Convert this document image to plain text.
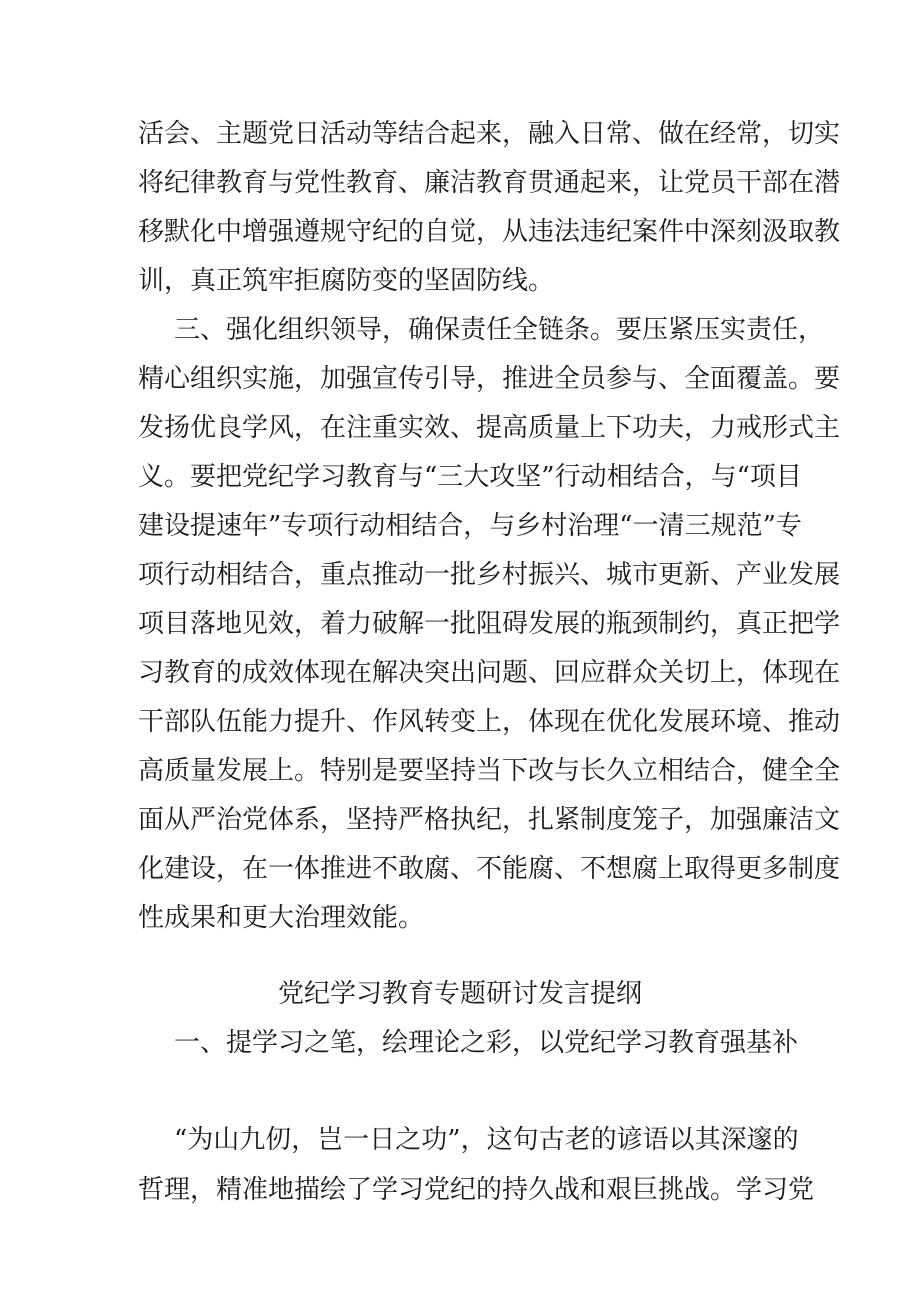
活会、主题党日活动等结合起来，融入日常、做在经常，切实
将纪律教育与党性教育、廉洁教育贯通起来，让党员干部在潜
移默化中增强遵规守纪的自觉，从违法违纪案件中深刻汲取教
训，真正筑牢拒腐防变的坚固防线。
三、强化组织领导，确保责任全链条。要压紧压实责任，
精心组织实施，加强宣传引导，推进全员参与、全面覆盖。要
发扬优良学风，在注重实效、提高质量上下功夫，力戒形式主
义。要把党纪学习教育与“三大攻坚”行动相结合，与“项目
建设提速年”专项行动相结合，与乡村治理“一清三规范”专
项行动相结合，重点推动一批乡村振兴、城市更新、产业发展
项目落地见效，着力破解一批阻碍发展的瓶颈制约，真正把学
习教育的成效体现在解决突出问题、回应群众关切上，体现在
干部队伍能力提升、作风转变上，体现在优化发展环境、推动
高质量发展上。特别是要坚持当下改与长久立相结合，健全全
面从严治党体系，坚持严格执纪，扎紧制度笼子，加强廉洁文
化建设，在一体推进不敢腐、不能腐、不想腐上取得更多制度
性成果和更大治理效能。
党纪学习教育专题研讨发言提纲
一、提学习之笔，绘理论之彩，以党纪学习教育强基补
“为山九仞，岂一日之功”，这句古老的谚语以其深邃的
哲理，精准地描绘了学习党纪的持久战和艰巨挑战。学习党
